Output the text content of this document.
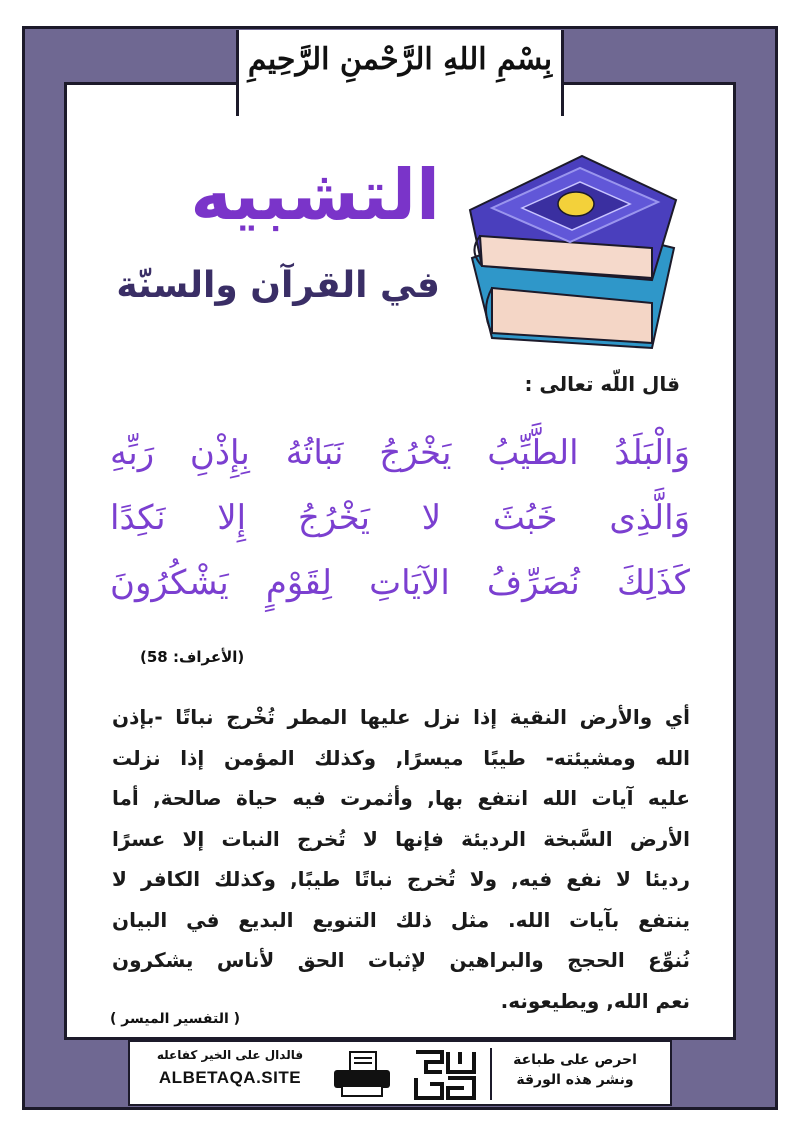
بِسْمِ اللهِ الرَّحْمنِ الرَّحِيمِ
التشبيه
في القرآن والسنّة
قال اللّه تعالى :
وَالْبَلَدُ الطَّيِّبُ يَخْرُجُ نَبَاتُهُ بِإِذْنِ رَبِّهِ
وَالَّذِى خَبُثَ لا يَخْرُجُ إِلا نَكِدًا
كَذَلِكَ نُصَرِّفُ الآيَاتِ لِقَوْمٍ يَشْكُرُونَ
(الأعراف: 58)
أي والأرض النقية إذا نزل عليها المطر تُخْرج نباتًا -بإذن
الله ومشيئته- طيبًا ميسرًا, وكذلك المؤمن إذا نزلت
عليه آيات الله انتفع بها, وأثمرت فيه حياة صالحة, أما
الأرض السَّبخة الرديئة فإنها لا تُخرج النبات إلا عسرًا
رديئا لا نفع فيه, ولا تُخرج نباتًا طيبًا, وكذلك الكافر لا
ينتفع بآيات الله. مثل ذلك التنويع البديع في البيان
نُنوِّع الحجج والبراهين لإثبات الحق لأناس يشكرون
نعم الله, ويطيعونه.
( التفسير الميسر )
فالدال على الخير كفاعله
ALBETAQA.SITE
احرص على طباعة
ونشر هذه الورقة
